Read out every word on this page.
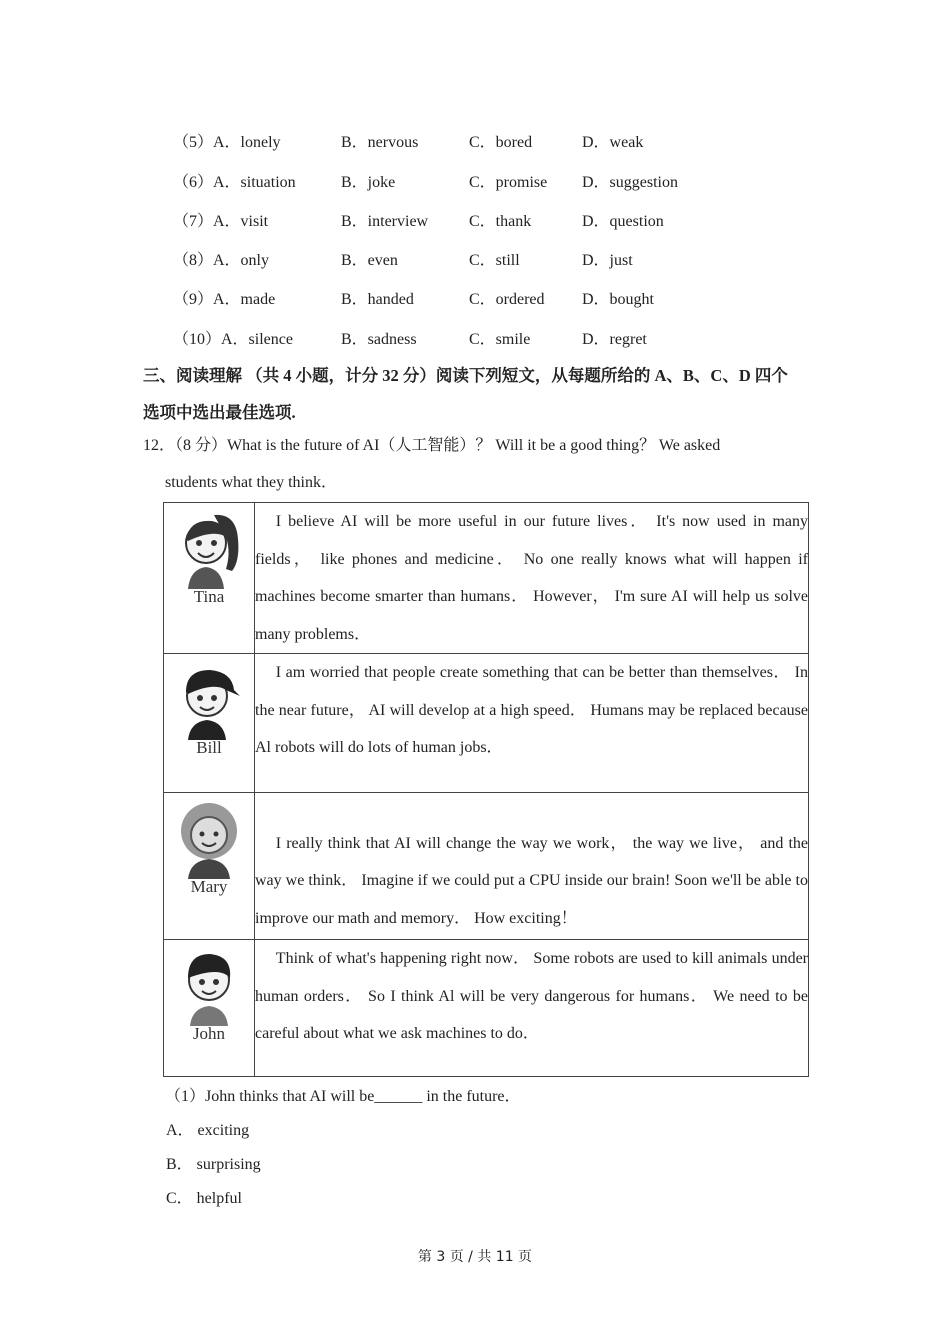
（5）A．lonely	B．nervous	C．bored	D．weak
（6）A．situation	B．joke	C．promise D．suggestion
（7）A．visit	B．interview	C．thank	D．question
（8）A．only	B．even	C．still	D．just
（9）A．made	B．handed	C．ordered D．bought
（10）A．silence	B．sadness	C．smile	D．regret
三、阅读理解 （共 4 小题，计分 32 分）阅读下列短文，从每题所给的 A、B、C、D 四个
选项中选出最佳选项.
12．（8 分）What is the future of AI（人工智能）？ Will it be a good thing？ We asked
students what they think．
Tina	I believe AI will be more useful in our future lives． It's now used in many fields， like phones and medicine． No one really knows what will happen if machines become smarter than humans． However， I'm sure AI will help us solve many problems．

Bill	I am worried that people create something that can be better than themselves． In the near future， AI will develop at a high speed． Humans may be replaced because Al robots will do lots of human jobs．

Mary	I really think that AI will change the way we work， the way we live， and the way we think． Imagine if we could put a CPU inside our brain! Soon we'll be able to improve our math and memory． How exciting！

John	Think of what's happening right now． Some robots are used to kill animals under human orders． So I think Al will be very dangerous for humans． We need to be careful about what we ask machines to do．
（1）John thinks that AI will be______ in the future．
A． exciting
B． surprising
C． helpful
第 3 页 / 共 11 页
